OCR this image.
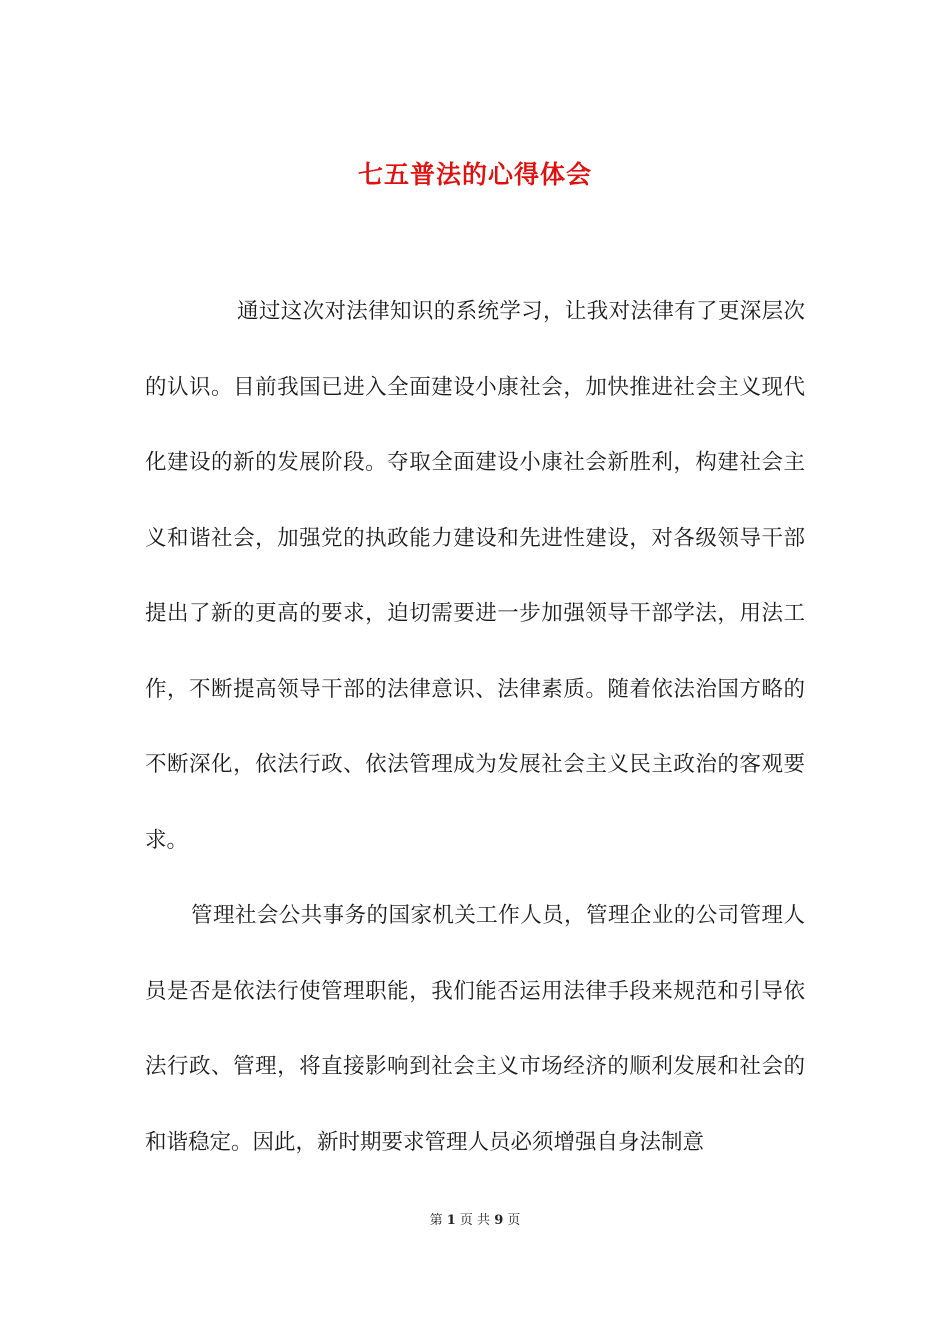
七五普法的心得体会

通过这次对法律知识的系统学习，让我对法律有了更深层次的认识。目前我国已进入全面建设小康社会，加快推进社会主义现代化建设的新的发展阶段。夺取全面建设小康社会新胜利，构建社会主义和谐社会，加强党的执政能力建设和先进性建设，对各级领导干部提出了新的更高的要求，迫切需要进一步加强领导干部学法，用法工作，不断提高领导干部的法律意识、法律素质。随着依法治国方略的不断深化，依法行政、依法管理成为发展社会主义民主政治的客观要求。

管理社会公共事务的国家机关工作人员，管理企业的公司管理人员是否是依法行使管理职能，我们能否运用法律手段来规范和引导依法行政、管理，将直接影响到社会主义市场经济的顺利发展和社会的和谐稳定。因此，新时期要求管理人员必须增强自身法制意

第 1 页 共 9 页
